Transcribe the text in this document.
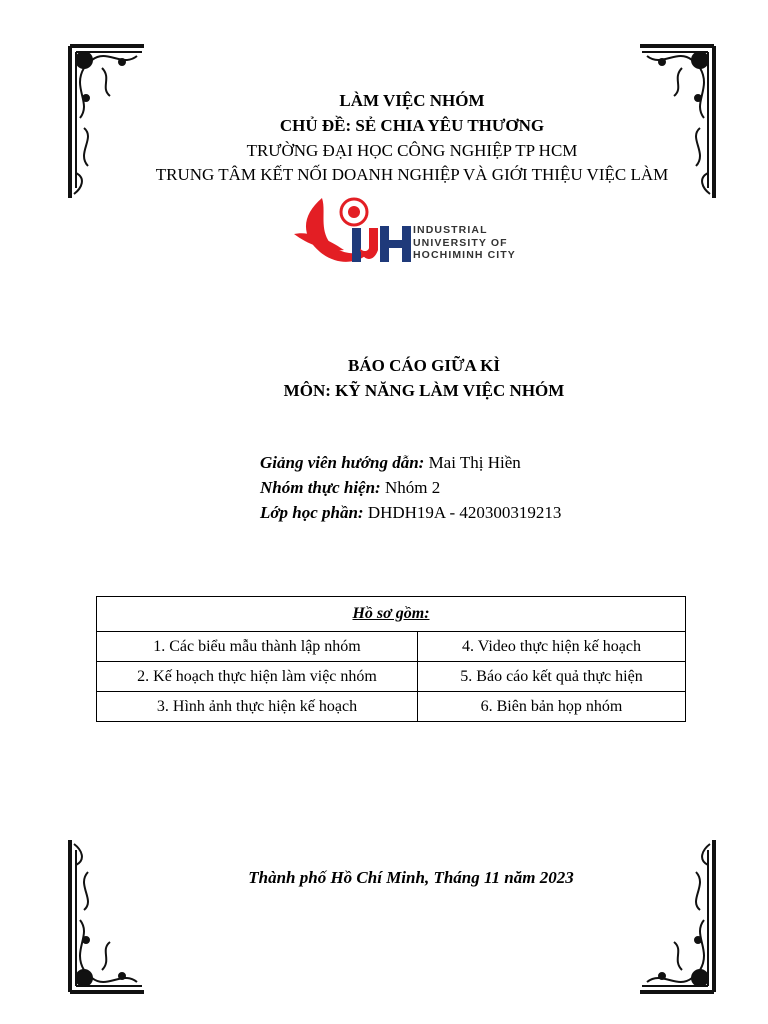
LÀM VIỆC NHÓM
CHỦ ĐỀ: SẺ CHIA YÊU THƯƠNG
TRƯỜNG ĐẠI HỌC CÔNG NGHIỆP TP HCM
TRUNG TÂM KẾT NỐI DOANH NGHIỆP VÀ GIỚI THIỆU VIỆC LÀM
INDUSTRIAL
UNIVERSITY OF
HOCHIMINH CITY
BÁO CÁO GIỮA KÌ
MÔN: KỸ NĂNG LÀM VIỆC NHÓM
Giảng viên hướng dẫn: Mai Thị Hiền
Nhóm thực hiện: Nhóm 2
Lớp học phần: DHDH19A - 420300319213
Hồ sơ gồm:	
1. Các biểu mẫu thành lập nhóm	4. Video thực hiện kế hoạch
2. Kế hoạch thực hiện làm việc nhóm	5. Báo cáo kết quả thực hiện
3. Hình ảnh thực hiện kế hoạch	6. Biên bản họp nhóm
Thành phố Hồ Chí Minh, Tháng 11 năm 2023
